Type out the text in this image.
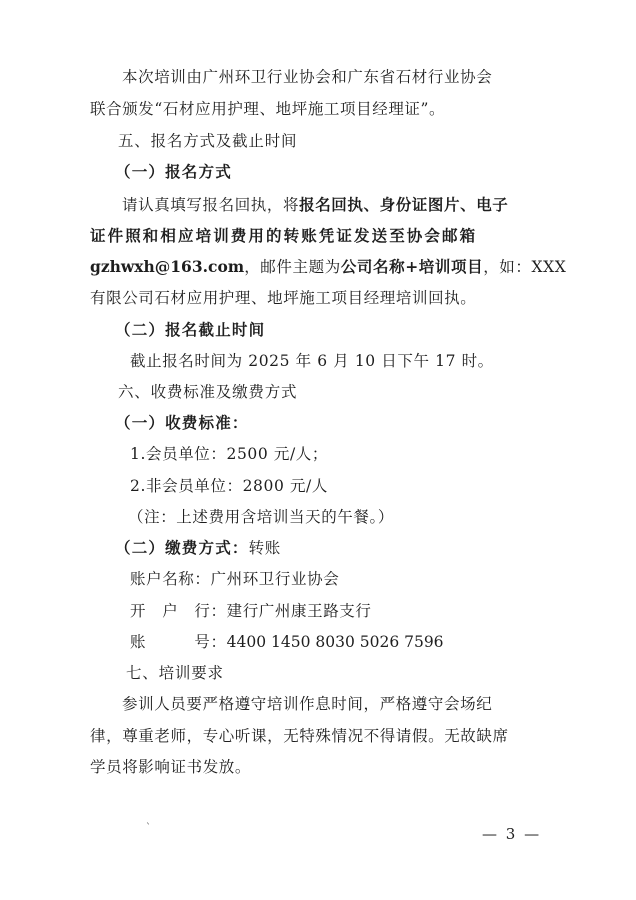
本次培训由广州环卫行业协会和广东省石材行业协会
联合颁发“石材应用护理、地坪施工项目经理证”。
五、报名方式及截止时间
（一）报名方式
请认真填写报名回执，将报名回执、身份证图片、电子
证件照和相应培训费用的转账凭证发送至协会邮箱
gzhwxh@163.com，邮件主题为公司名称+培训项目，如：XXX
有限公司石材应用护理、地坪施工项目经理培训回执。
（二）报名截止时间
截止报名时间为 2025 年 6 月 10 日下午 17 时。
六、收费标准及缴费方式
（一）收费标准：
1.会员单位：2500 元/人；
2.非会员单位：2800 元/人
（注：上述费用含培训当天的午餐。）
（二）缴费方式：转账
账户名称：广州环卫行业协会
开　户　行：建行广州康王路支行
账　　　号：4400 1450 8030 5026 7596
七、培训要求
参训人员要严格遵守培训作息时间，严格遵守会场纪
律，尊重老师，专心听课，无特殊情况不得请假。无故缺席
学员将影响证书发放。
`	— 3 —
